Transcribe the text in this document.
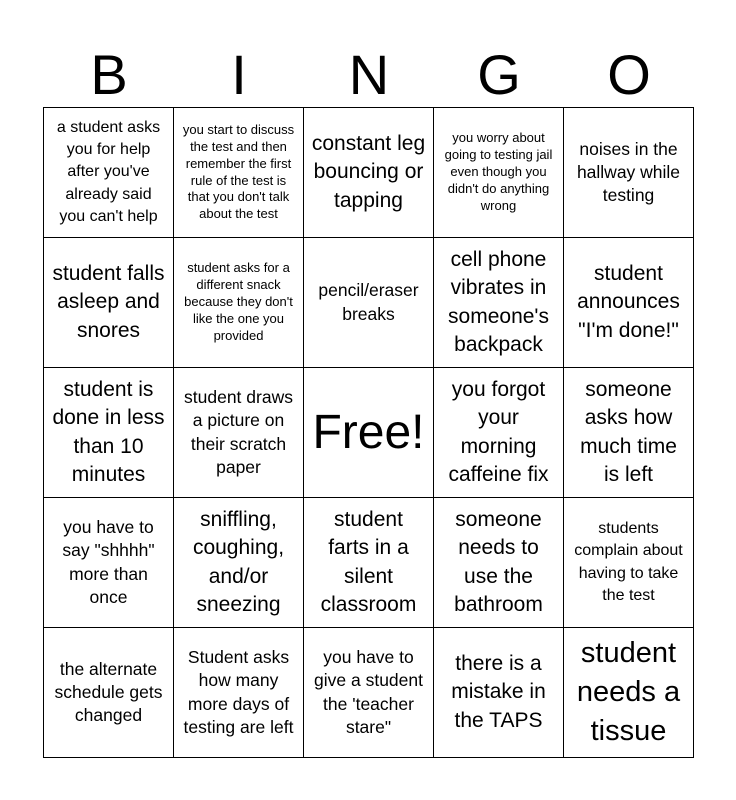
B	I	N	G	O
a student asks you for help after you've already said you can't help
you start to discuss the test and then remember the first rule of the test is that you don't talk about the test
constant leg bouncing or tapping
you worry about going to testing jail even though you didn't do anything wrong
noises in the hallway while testing
student falls asleep and snores
student asks for a different snack because they don't like the one you provided
pencil/eraser breaks
cell phone vibrates in someone's backpack
student announces "I'm done!"
student is done in less than 10 minutes
student draws a picture on their scratch paper
Free!
you forgot your morning caffeine fix
someone asks how much time is left
you have to say "shhhh" more than once
sniffling, coughing, and/or sneezing
student farts in a silent classroom
someone needs to use the bathroom
students complain about having to take the test
the alternate schedule gets changed
Student asks how many more days of testing are left
you have to give a student the 'teacher stare"
there is a mistake in the TAPS
student needs a tissue
